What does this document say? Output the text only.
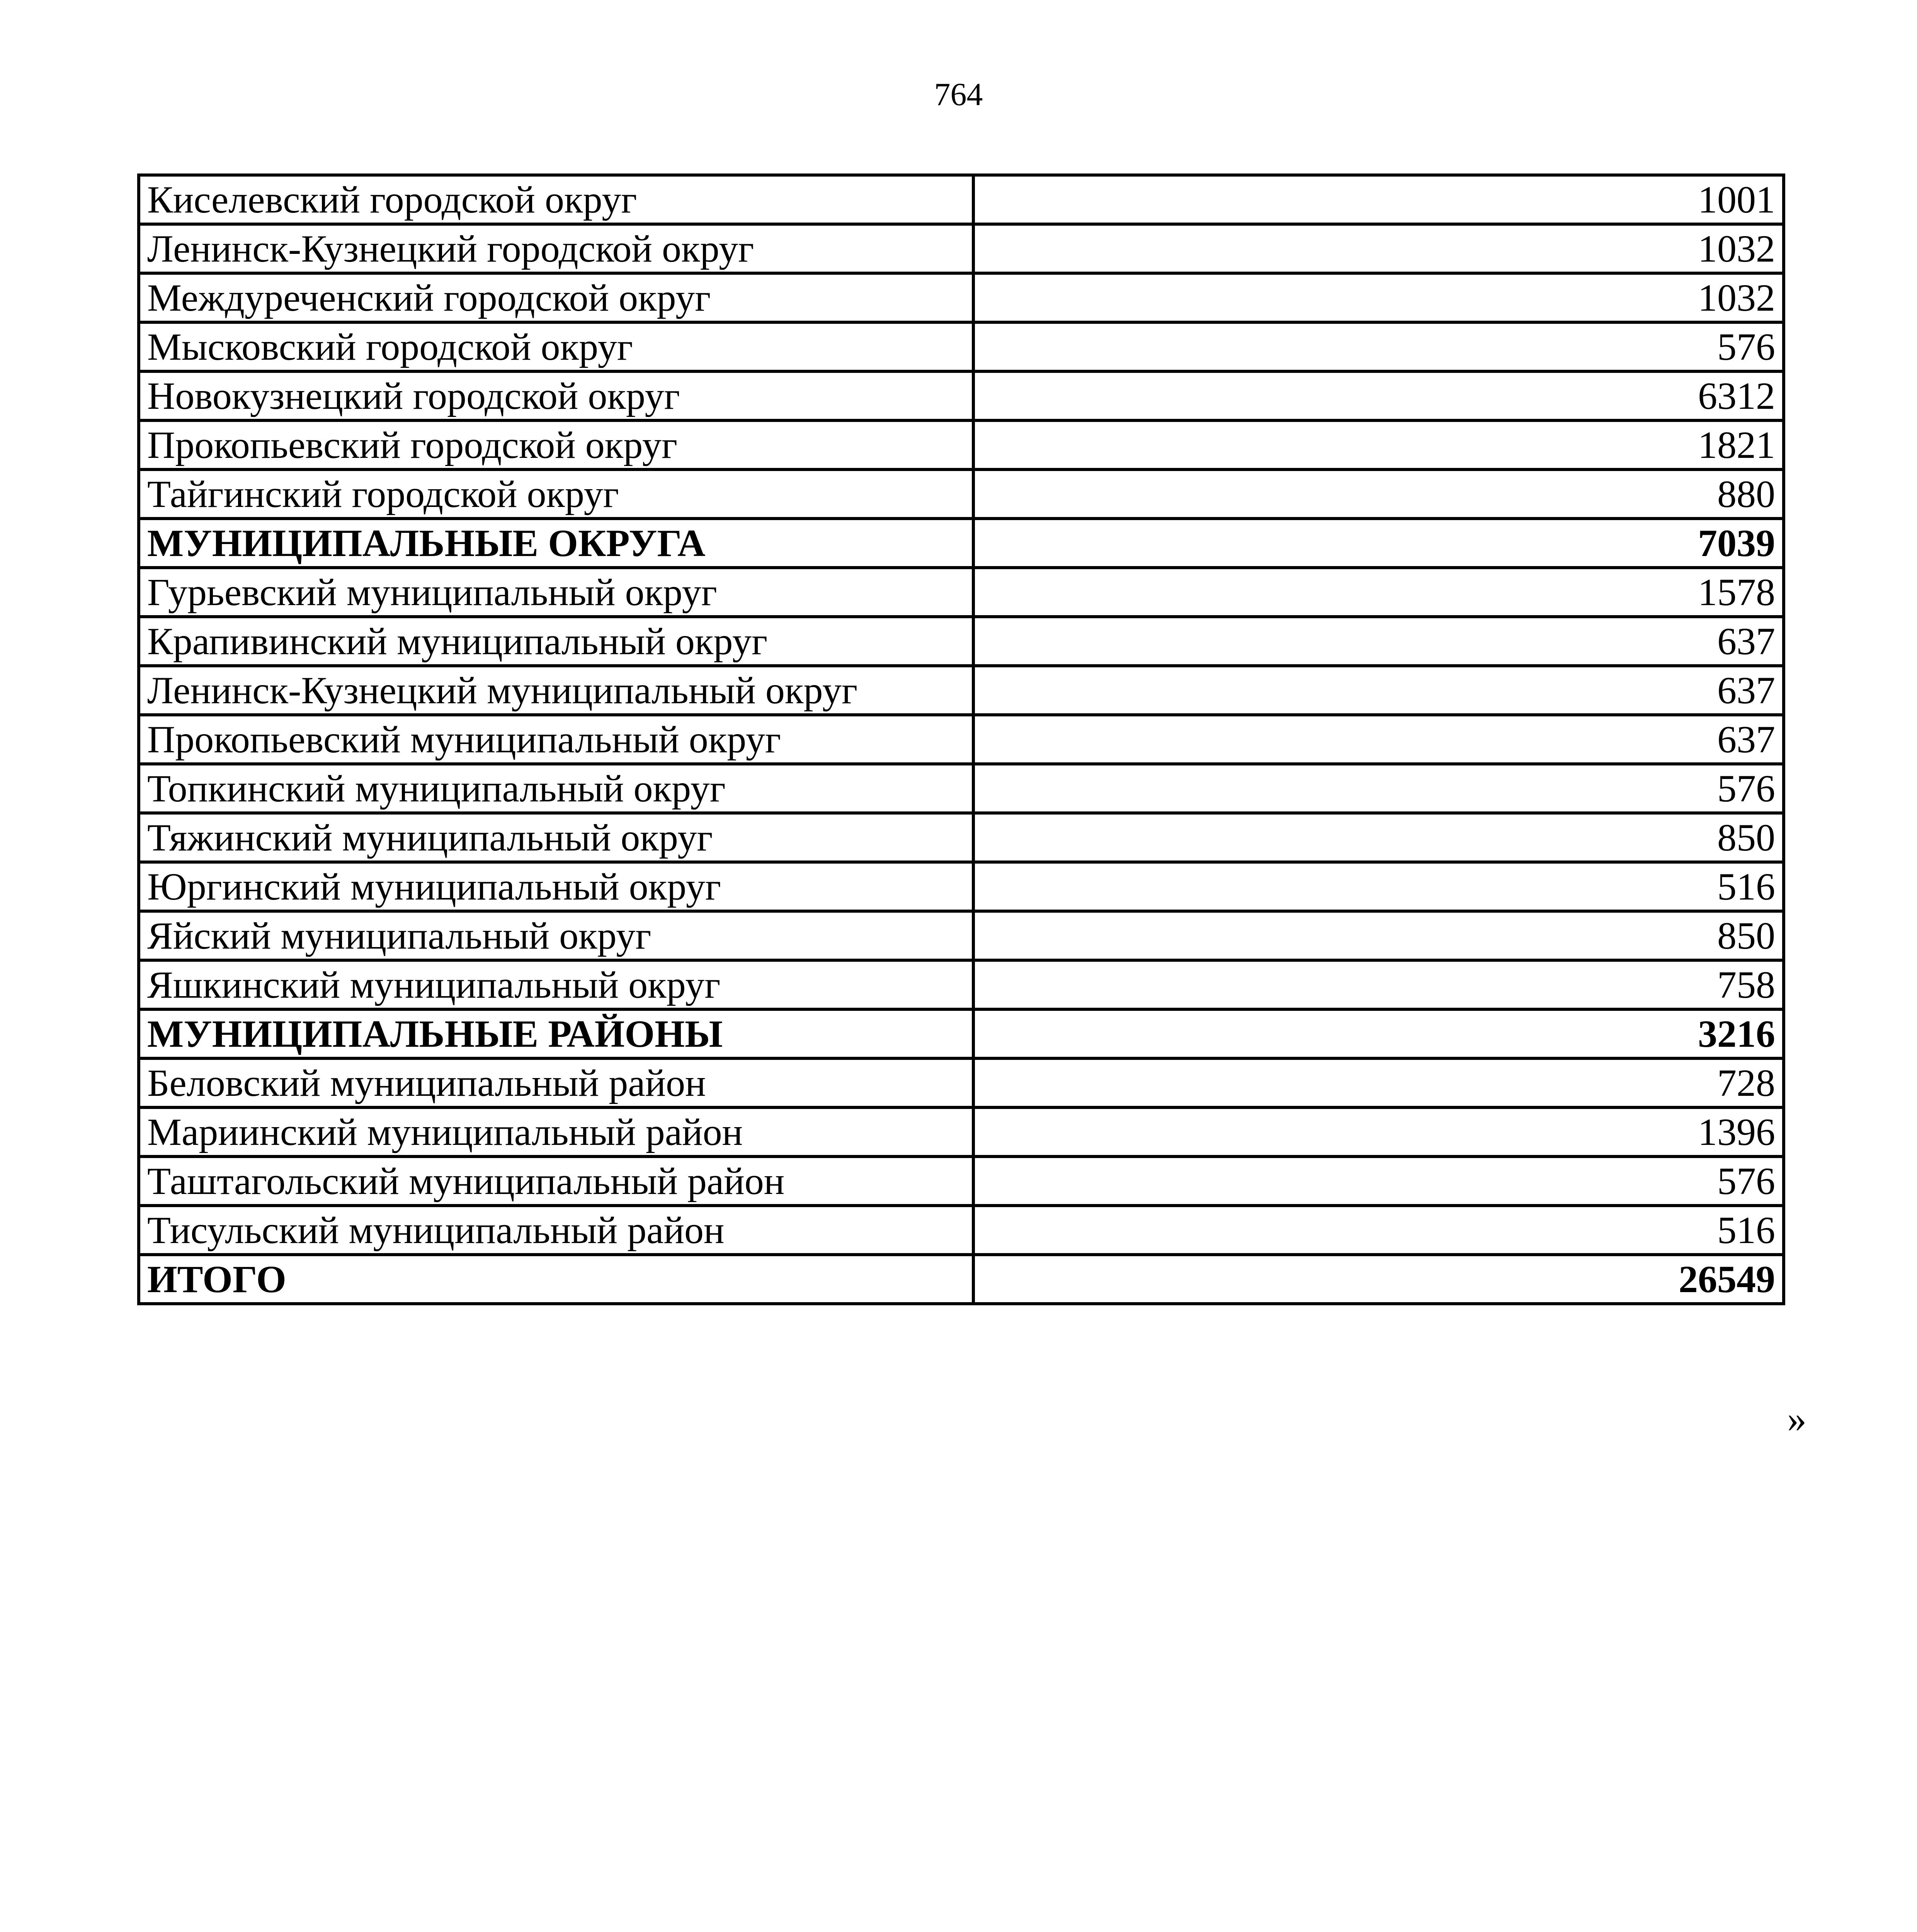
764
Киселевский городской округ	1001
Ленинск-Кузнецкий городской округ	1032
Междуреченский городской округ	1032
Мысковский городской округ	576
Новокузнецкий городской округ	6312
Прокопьевский городской округ	1821
Тайгинский городской округ	880
МУНИЦИПАЛЬНЫЕ ОКРУГА	7039
Гурьевский муниципальный округ	1578
Крапивинский муниципальный округ	637
Ленинск-Кузнецкий муниципальный округ	637
Прокопьевский муниципальный округ	637
Топкинский муниципальный округ	576
Тяжинский муниципальный округ	850
Юргинский муниципальный округ	516
Яйский муниципальный округ	850
Яшкинский муниципальный округ	758
МУНИЦИПАЛЬНЫЕ РАЙОНЫ	3216
Беловский муниципальный район	728
Мариинский муниципальный район	1396
Таштагольский муниципальный район	576
Тисульский муниципальный район	516
ИТОГО	26549
»
